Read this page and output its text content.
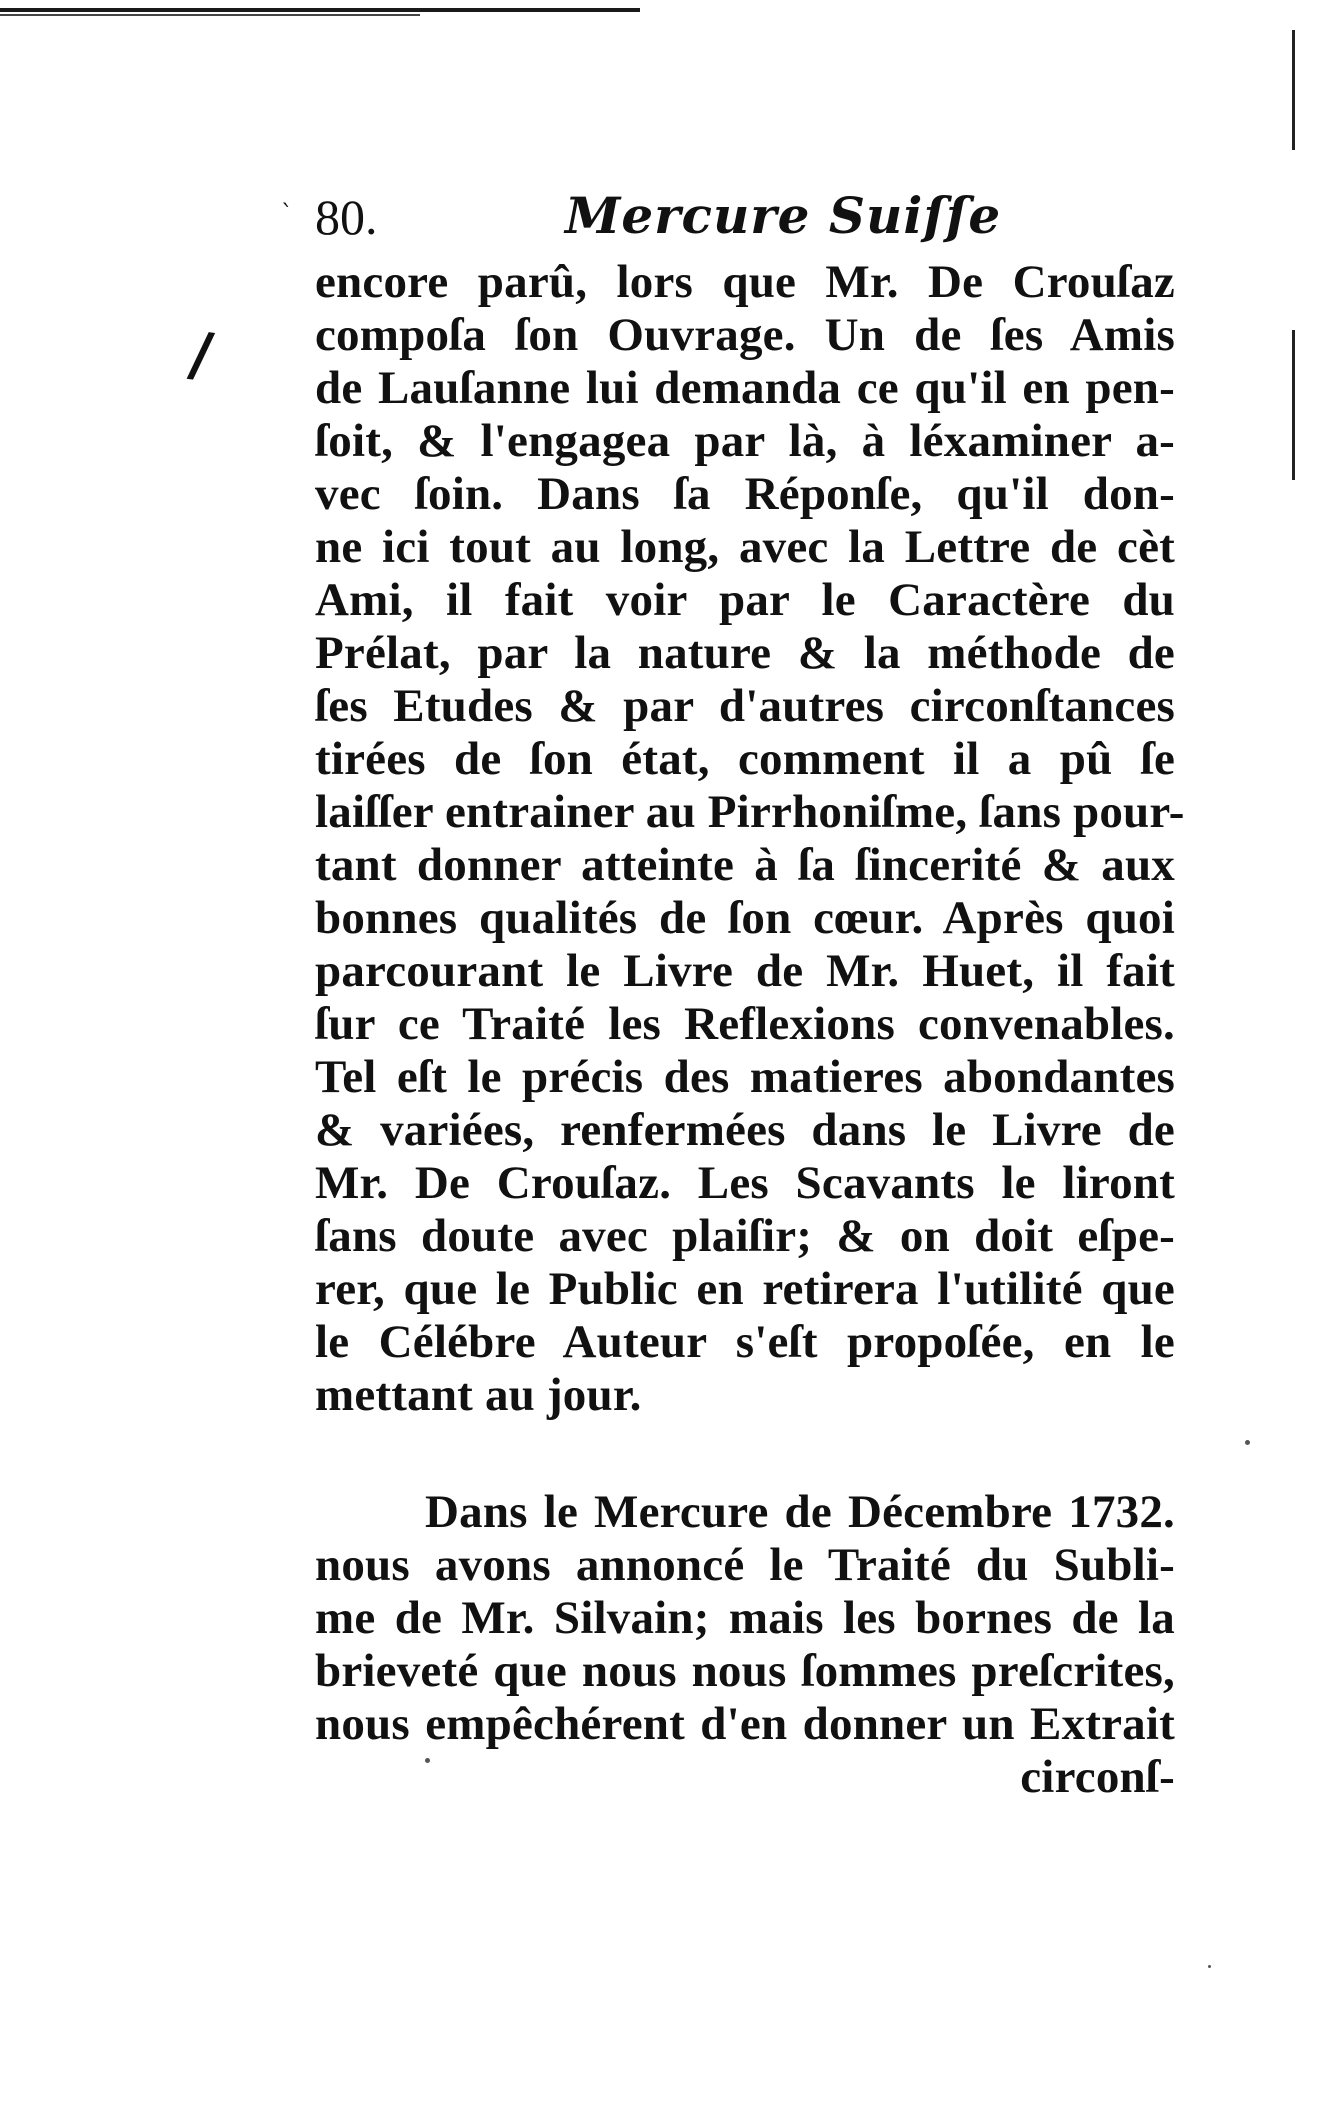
ˋ 80.	Mercure Suiſſe
/
encore parû, lors que Mr. De Crouſaz
compoſa ſon Ouvrage. Un de ſes Amis
de Lauſanne lui demanda ce qu'il en pen-
ſoit, & l'engagea par là, à léxaminer a-
vec ſoin. Dans ſa Réponſe, qu'il don-
ne ici tout au long, avec la Lettre de cèt
Ami, il fait voir par le Caractère du
Prélat, par la nature & la méthode de
ſes Etudes & par d'autres circonſtances
tirées de ſon état, comment il a pû ſe
laiſſer entrainer au Pirrhoniſme, ſans pour-
tant donner atteinte à ſa ſincerité & aux
bonnes qualités de ſon cœur. Après quoi
parcourant le Livre de Mr. Huet, il fait
ſur ce Traité les Reflexions convenables.
Tel eſt le précis des matieres abondantes
& variées, renfermées dans le Livre de
Mr. De Crouſaz. Les Scavants le liront
ſans doute avec plaiſir; & on doit eſpe-
rer, que le Public en retirera l'utilité que
le Célébre Auteur s'eſt propoſée, en le
mettant au jour.
Dans le Mercure de Décembre 1732.
nous avons annoncé le Traité du Subli-
me de Mr. Silvain; mais les bornes de la
brieveté que nous nous ſommes preſcrites,
nous empêchérent d'en donner un Extrait
circonſ-
